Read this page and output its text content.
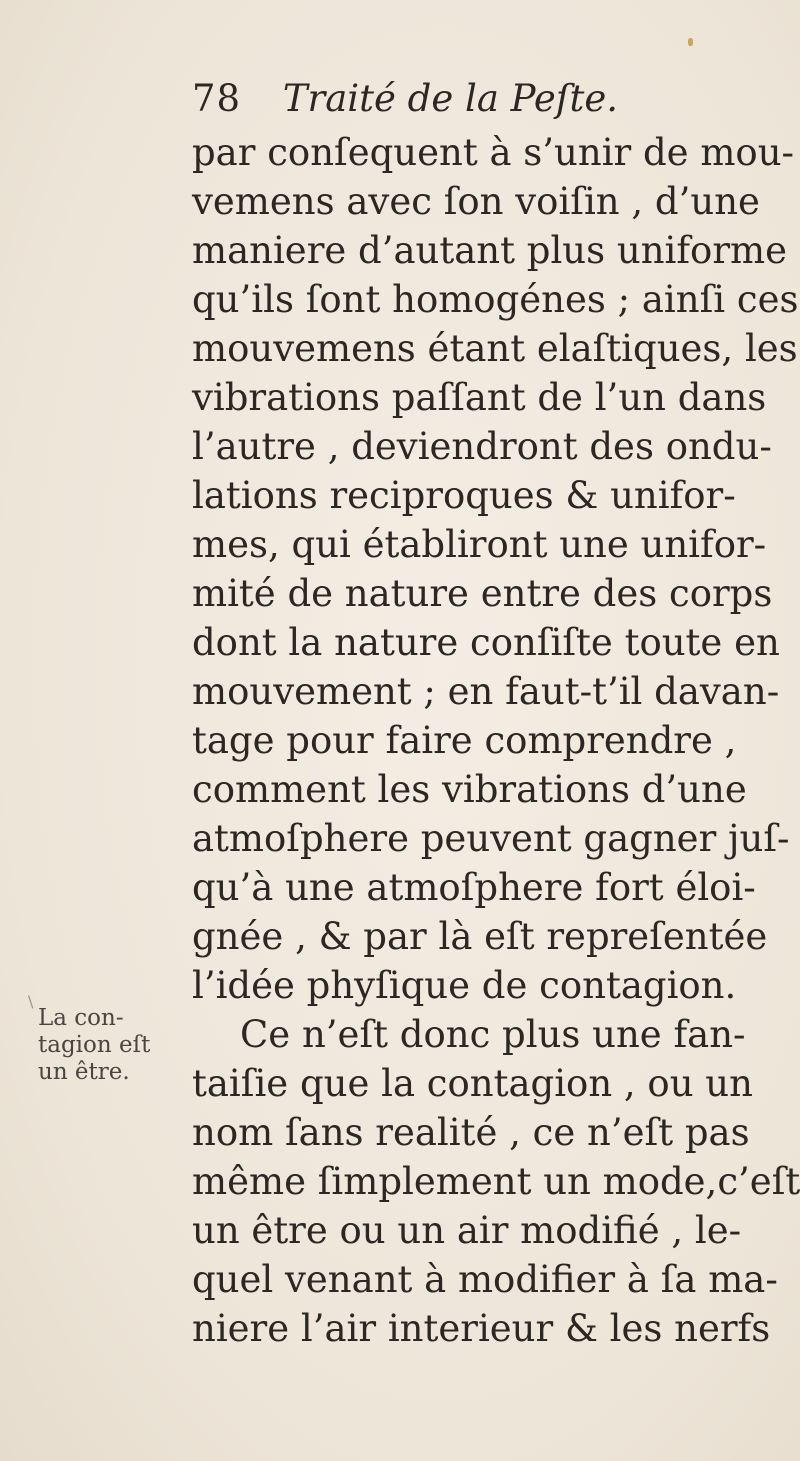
78 Traité de la Peſte.
par conſequent à s’unir de mou-
vemens avec ſon voiſin , d’une
maniere d’autant plus uniforme
qu’ils ſont homogénes ; ainſi ces
mouvemens étant elaſtiques, les
vibrations paſſant de l’un dans
l’autre , deviendront des ondu-
lations reciproques & unifor-
mes, qui établiront une unifor-
mité de nature entre des corps
dont la nature conſiſte toute en
mouvement ; en faut-t’il davan-
tage pour faire comprendre ,
comment les vibrations d’une
atmoſphere peuvent gagner juſ-
qu’à une atmoſphere fort éloi-
gnée , & par là eſt repreſentée
l’idée phyſique de contagion.
Ce n’eſt donc plus une fan-
taiſie que la contagion , ou un
nom ſans realité , ce n’eſt pas
même ſimplement un mode,c’eſt
un être ou un air modifié , le-
quel venant à modifier à ſa ma-
niere l’air interieur & les nerfs
\
La con-
tagion eſt
un être.
